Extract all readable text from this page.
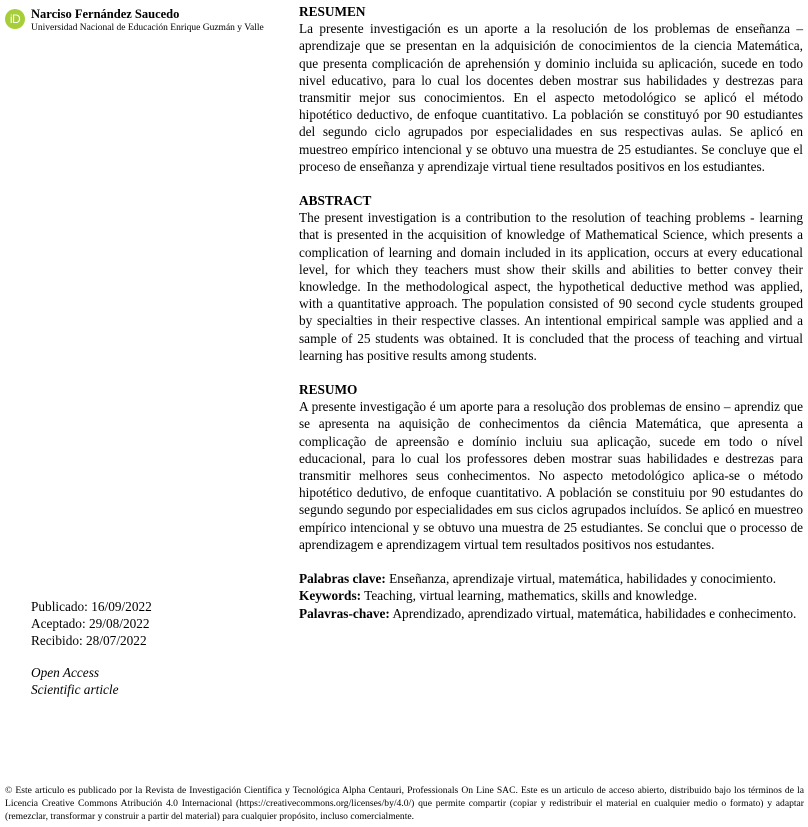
iD Narciso Fernández Saucedo
Universidad Nacional de Educación Enrique Guzmán y Valle
RESUMEN

La presente investigación es un aporte a la resolución de los problemas de enseñanza – aprendizaje que se presentan en la adquisición de conocimientos de la ciencia Matemática, que presenta complicación de aprehensión y dominio incluida su aplicación, sucede en todo nivel educativo, para lo cual los docentes deben mostrar sus habilidades y destrezas para transmitir mejor sus conocimientos. En el aspecto metodológico se aplicó el método hipotético deductivo, de enfoque cuantitativo. La población se constituyó por 90 estudiantes del segundo ciclo agrupados por especialidades en sus respectivas aulas. Se aplicó en muestreo empírico intencional y se obtuvo una muestra de 25 estudiantes. Se concluye que el proceso de enseñanza y aprendizaje virtual tiene resultados positivos en los estudiantes.

ABSTRACT

The present investigation is a contribution to the resolution of teaching problems - learning that is presented in the acquisition of knowledge of Mathematical Science, which presents a complication of learning and domain included in its application, occurs at every educational level, for which they teachers must show their skills and abilities to better convey their knowledge. In the methodological aspect, the hypothetical deductive method was applied, with a quantitative approach. The population consisted of 90 second cycle students grouped by specialties in their respective classes. An intentional empirical sample was applied and a sample of 25 students was obtained. It is concluded that the process of teaching and virtual learning has positive results among students.

RESUMO

A presente investigação é um aporte para a resolução dos problemas de ensino – aprendiz que se apresenta na aquisição de conhecimentos da ciência Matemática, que apresenta a complicação de apreensão e domínio incluiu sua aplicação, sucede em todo o nível educacional, para lo cual los professores deben mostrar suas habilidades e destrezas para transmitir melhores seus conhecimentos. No aspecto metodológico aplica-se o método hipotético dedutivo, de enfoque cuantitativo. A población se constituiu por 90 estudantes do segundo segundo por especialidades em sus ciclos agrupados incluídos. Se aplicó en muestreo empírico intencional y se obtuvo una muestra de 25 estudiantes. Se conclui que o processo de aprendizagem e aprendizagem virtual tem resultados positivos nos estudantes.

Palabras clave: Enseñanza, aprendizaje virtual, matemática, habilidades y conocimiento.
Keywords: Teaching, virtual learning, mathematics, skills and knowledge.
Palavras-chave: Aprendizado, aprendizado virtual, matemática, habilidades e conhecimento.
Publicado: 16/09/2022
Aceptado: 29/08/2022
Recibido: 28/07/2022
Open Access
Scientific article
© Este articulo es publicado por la Revista de Investigación Científica y Tecnológica Alpha Centauri, Professionals On Line SAC. Este es un articulo de acceso abierto, distribuido bajo los términos de la Licencia Creative Commons Atribución 4.0 Internacional (https://creativecommons.org/licenses/by/4.0/) que permite compartir (copiar y redistribuir el material en cualquier medio o formato) y adaptar (remezclar, transformar y construir a partir del material) para cualquier propósito, incluso comercialmente.
